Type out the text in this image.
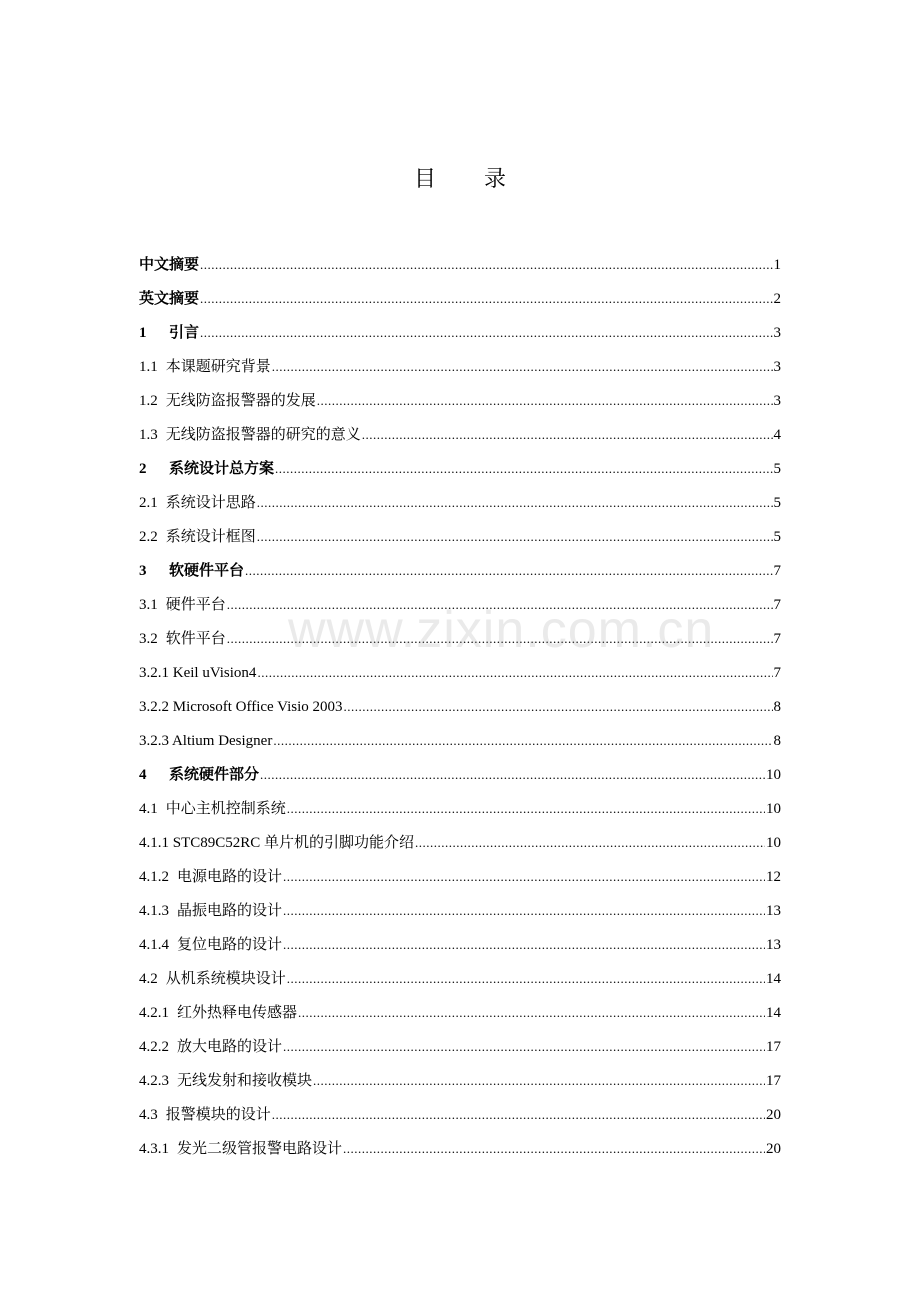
目 录
中文摘要 .....	1
英文摘要 .....	2
1 引言 .....	3
1.1 本课题研究背景 .....	3
1.2 无线防盗报警器的发展 .....	3
1.3 无线防盗报警器的研究的意义 .....	4
2 系统设计总方案 .....	5
2.1 系统设计思路 .....	5
2.2 系统设计框图 .....	5
3 软硬件平台 .....	7
3.1 硬件平台 .....	7
3.2 软件平台 .....	7
3.2.1 Keil uVision4 .....	7
3.2.2 Microsoft Office Visio 2003 .....	8
3.2.3 Altium Designer .....	8
4 系统硬件部分 .....	10
4.1 中心主机控制系统 .....	10
4.1.1 STC89C52RC 单片机的引脚功能介绍 .....	10
4.1.2 电源电路的设计 .....	12
4.1.3 晶振电路的设计 .....	13
4.1.4 复位电路的设计 .....	13
4.2 从机系统模块设计 .....	14
4.2.1 红外热释电传感器 .....	14
4.2.2 放大电路的设计 .....	17
4.2.3 无线发射和接收模块 .....	17
4.3 报警模块的设计 .....	20
4.3.1 发光二级管报警电路设计 .....	20
www.zixin.com.cn
